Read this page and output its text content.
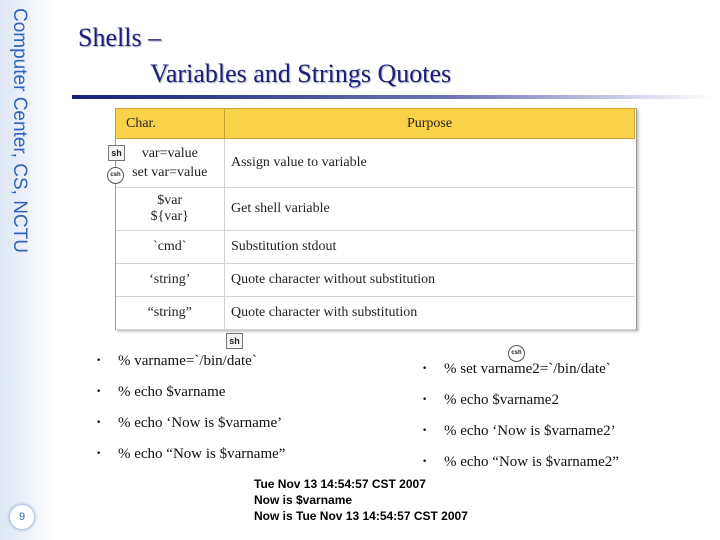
Computer Center, CS, NCTU
9
Shells –
Variables and Strings Quotes
Char.	Purpose

var=value
set var=value	Assign value to variable

$var
${var}	Get shell variable
`cmd`	Substitution stdout
‘string’	Quote character without substitution
“string”	Quote character with substitution
sh
csh
sh
csh
• % varname=`/bin/date`
• % echo $varname
• % echo ‘Now is $varname’
• % echo “Now is $varname”
• % set varname2=`/bin/date`
• % echo $varname2
• % echo ‘Now is $varname2’
• % echo “Now is $varname2”
Tue Nov 13 14:54:57 CST 2007
Now is $varname
Now is Tue Nov 13 14:54:57 CST 2007
